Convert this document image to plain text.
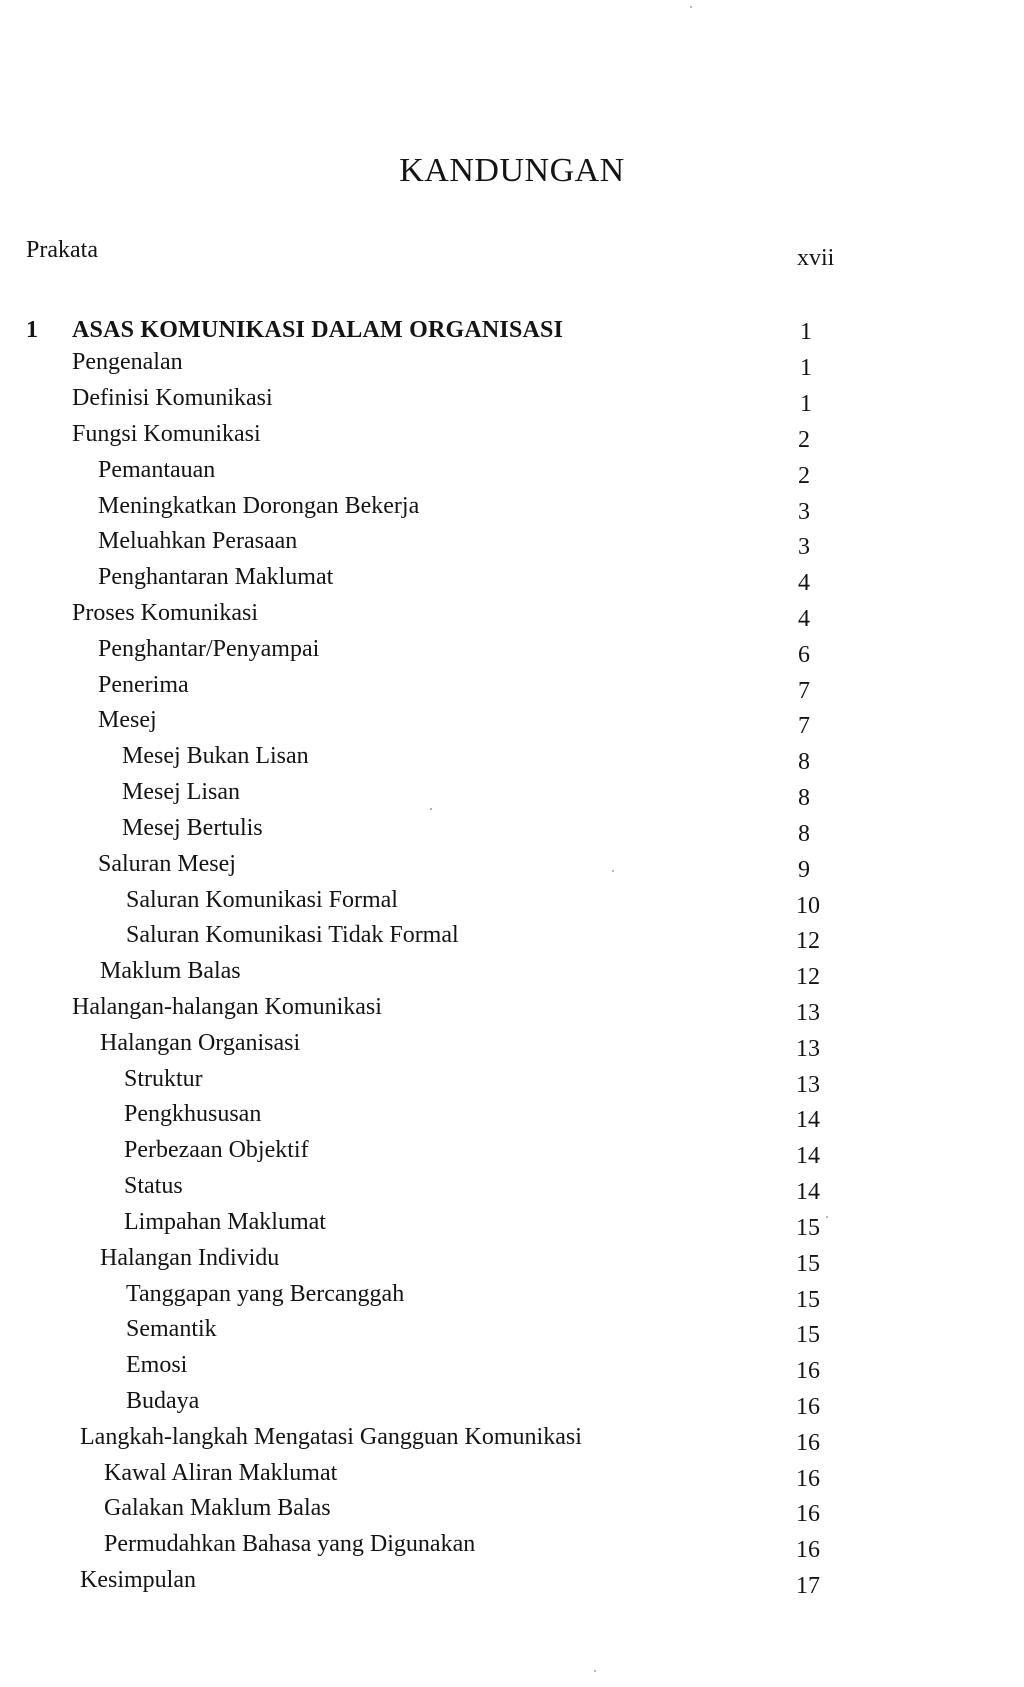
KANDUNGAN
Prakata	xvii
1 ASAS KOMUNIKASI DALAM ORGANISASI	1
Pengenalan	1
Definisi Komunikasi	1
Fungsi Komunikasi	2
Pemantauan	2
Meningkatkan Dorongan Bekerja	3
Meluahkan Perasaan	3
Penghantaran Maklumat	4
Proses Komunikasi	4
Penghantar/Penyampai	6
Penerima	7
Mesej	7
Mesej Bukan Lisan	8
Mesej Lisan	8
Mesej Bertulis	8
Saluran Mesej	9
Saluran Komunikasi Formal	10
Saluran Komunikasi Tidak Formal	12
Maklum Balas	12
Halangan-halangan Komunikasi	13
Halangan Organisasi	13
Struktur	13
Pengkhususan	14
Perbezaan Objektif	14
Status	14
Limpahan Maklumat	15
Halangan Individu	15
Tanggapan yang Bercanggah	15
Semantik	15
Emosi	16
Budaya	16
Langkah-langkah Mengatasi Gangguan Komunikasi	16
Kawal Aliran Maklumat	16
Galakan Maklum Balas	16
Permudahkan Bahasa yang Digunakan	16
Kesimpulan	17
